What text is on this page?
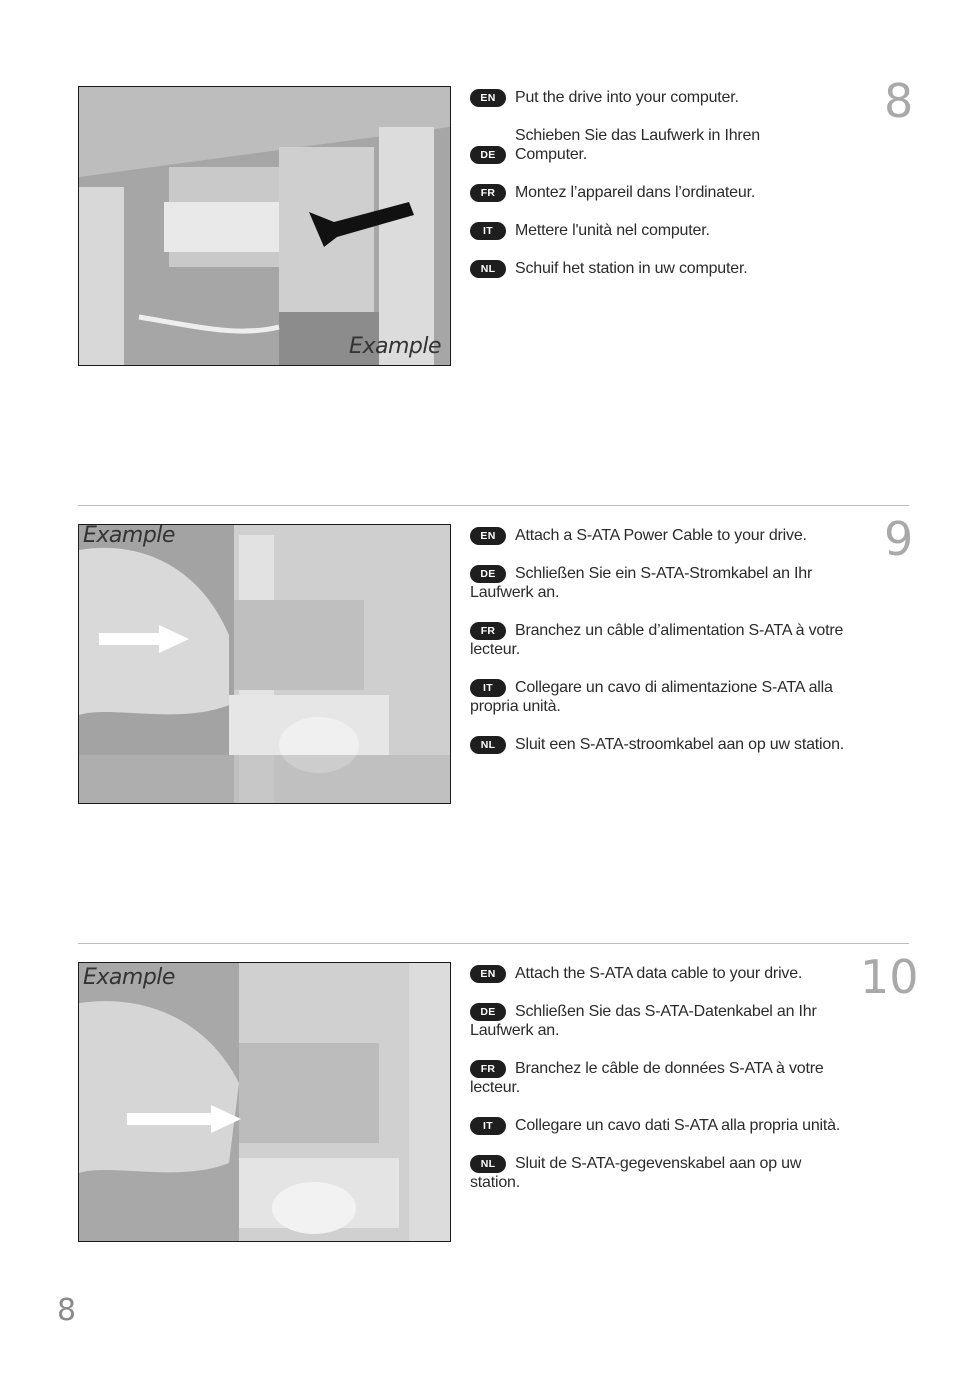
Example

EN Put the drive into your computer.

DESchieben Sie das Laufwerk in Ihren Computer.

FR Montez l’appareil dans l’ordinateur.

IT Mettere l'unità nel computer.

NL Schuif het station in uw computer.

8
Example	EN Attach a S-ATA Power Cable to your drive.

DE Schließen Sie ein S-ATA-Stromkabel an Ihr Laufwerk an.

FR Branchez un câble d’alimentation S-ATA à votre lecteur.

IT Collegare un cavo di alimentazione S-ATA alla propria unità.

NL Sluit een S-ATA-stroomkabel aan op uw station.

9
Example	EN Attach the S-ATA data cable to your drive.

DE Schließen Sie das S-ATA-Datenkabel an Ihr Laufwerk an.

FR Branchez le câble de données S-ATA à votre lecteur.

IT Collegare un cavo dati S-ATA alla propria unità.

NL Sluit de S-ATA-gegevenskabel aan op uw station.

10
8
